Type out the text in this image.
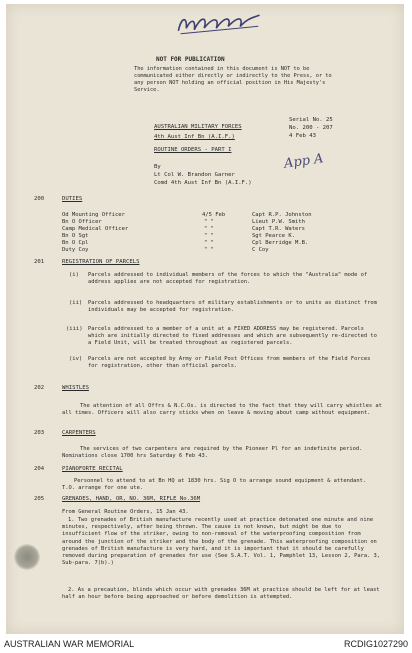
NOT FOR PUBLICATION
The information contained in this document is NOT to be communicated either directly or indirectly to the Press, or to any person NOT holding an official position in His Majesty's Service.
AUSTRALIAN MILITARY FORCES
Serial No. 25
4th Aust Inf Bn (A.I.F.)
No. 200 - 207
4 Feb 43
ROUTINE ORDERS - PART I
App A
By
Lt Col W. Brandon Garner
Comd 4th Aust Inf Bn (A.I.F.)
200	DUTIES
Od Mounting Officer	4/5 Feb	Capt R.P. Johnston
Bn O Officer	" "	Lieut P.W. Smith
Camp Medical Officer	" "	Capt T.R. Waters
Bn O Sgt	" "	Sgt Pearce K.
Bn O Cpl	" "	Cpl Berridge M.B.
Duty Coy	" "	C Coy
201	REGISTRATION OF PARCELS
(i) Parcels addressed to individual members of the forces to which the "Australia" mode of address applies are not accepted for registration.
(ii) Parcels addressed to headquarters of military establishments or to units as distinct from individuals may be accepted for registration.
(iii) Parcels addressed to a member of a unit at a FIXED ADDRESS may be registered. Parcels which are initially directed to fixed addresses and which are subsequently re-directed to a Field Unit, will be treated throughout as registered parcels.
(iv) Parcels are not accepted by Army or Field Post Offices from members of the Field Forces for registration, other than official parcels.
202	WHISTLES
The attention of all Offrs & N.C.Os. is directed to the fact that they will carry whistles at all times. Officers will also carry sticks when on leave & moving about camp without equipment.
203	CARPENTERS
The services of two carpenters are required by the Pioneer Pl for an indefinite period. Nominations close 1700 hrs Saturday 6 Feb 43.
204	PIANOFORTE RECITAL
Personnel to attend to at Bn HQ at 1830 hrs. Sig O to arrange sound equipment & attendant. T.O. arrange for one ute.
205	GRENADES, HAND, OR, NO. 36M, RIFLE No.36M
From General Routine Orders, 15 Jan 43.
1. Two grenades of British manufacture recently used at practice detonated one minute and nine minutes, respectively, after being thrown. The cause is not known, but might be due to insufficient flow of the striker, owing to non-removal of the waterproofing composition from around the junction of the striker and the body of the grenade. This waterproofing composition on grenades of British manufacture is very hard, and it is important that it should be carefully removed during preparation of grenades for use (See S.A.T. Vol. 1, Pamphlet 13, Lesson 2, Para. 3, Sub-para. 7(b).)
2. As a precaution, blinds which occur with grenades 36M at practice should be left for at least half an hour before being approached or before demolition is attempted.
AUSTRALIAN WAR MEMORIAL	RCDIG1027290
